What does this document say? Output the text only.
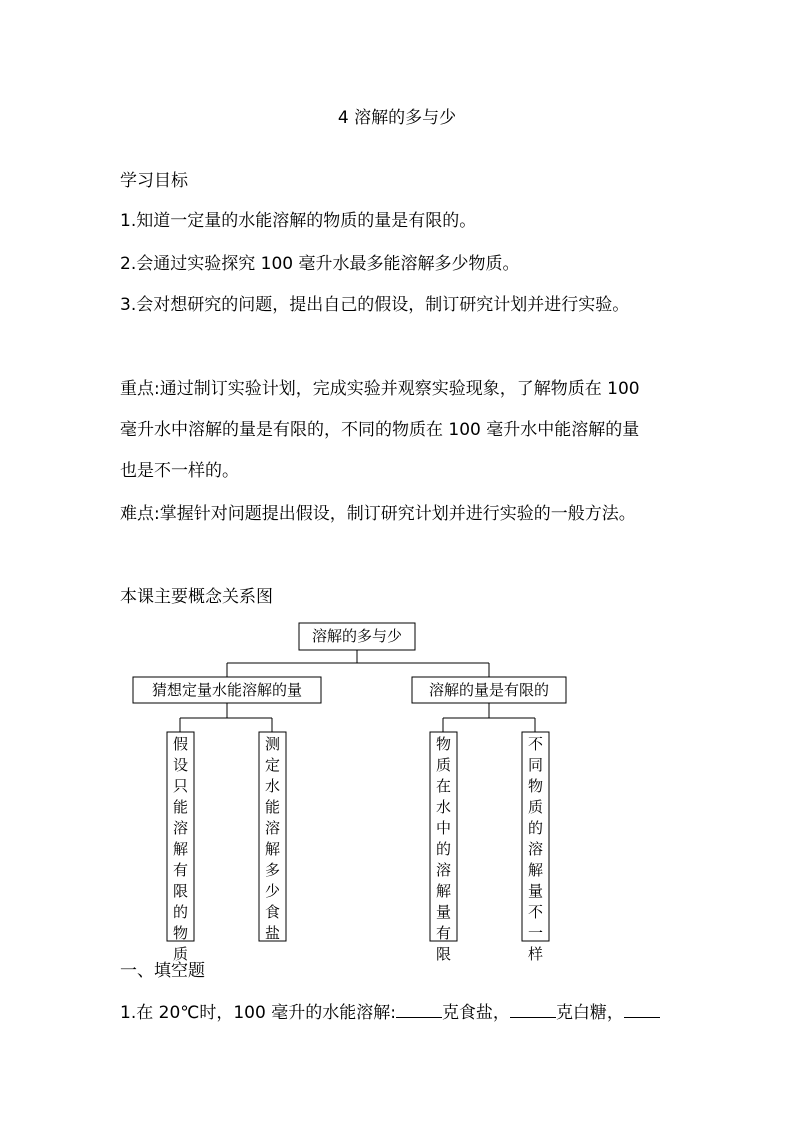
4 溶解的多与少
学习目标
1.知道一定量的水能溶解的物质的量是有限的。
2.会通过实验探究 100 毫升水最多能溶解多少物质。
3.会对想研究的问题，提出自己的假设，制订研究计划并进行实验。
重点:通过制订实验计划，完成实验并观察实验现象，了解物质在 100
毫升水中溶解的量是有限的，不同的物质在 100 毫升水中能溶解的量
也是不一样的。
难点:掌握针对问题提出假设，制订研究计划并进行实验的一般方法。
本课主要概念关系图
溶解的多与少
猜想定量水能溶解的量	溶解的量是有限的
假设只能溶解有限的物质
测定水能溶解多少食盐
物质在水中的溶解量有限
不同物质的溶解量不一样
一、填空题
1.在 20℃时，100 毫升的水能溶解:	克食盐，	克白糖，
